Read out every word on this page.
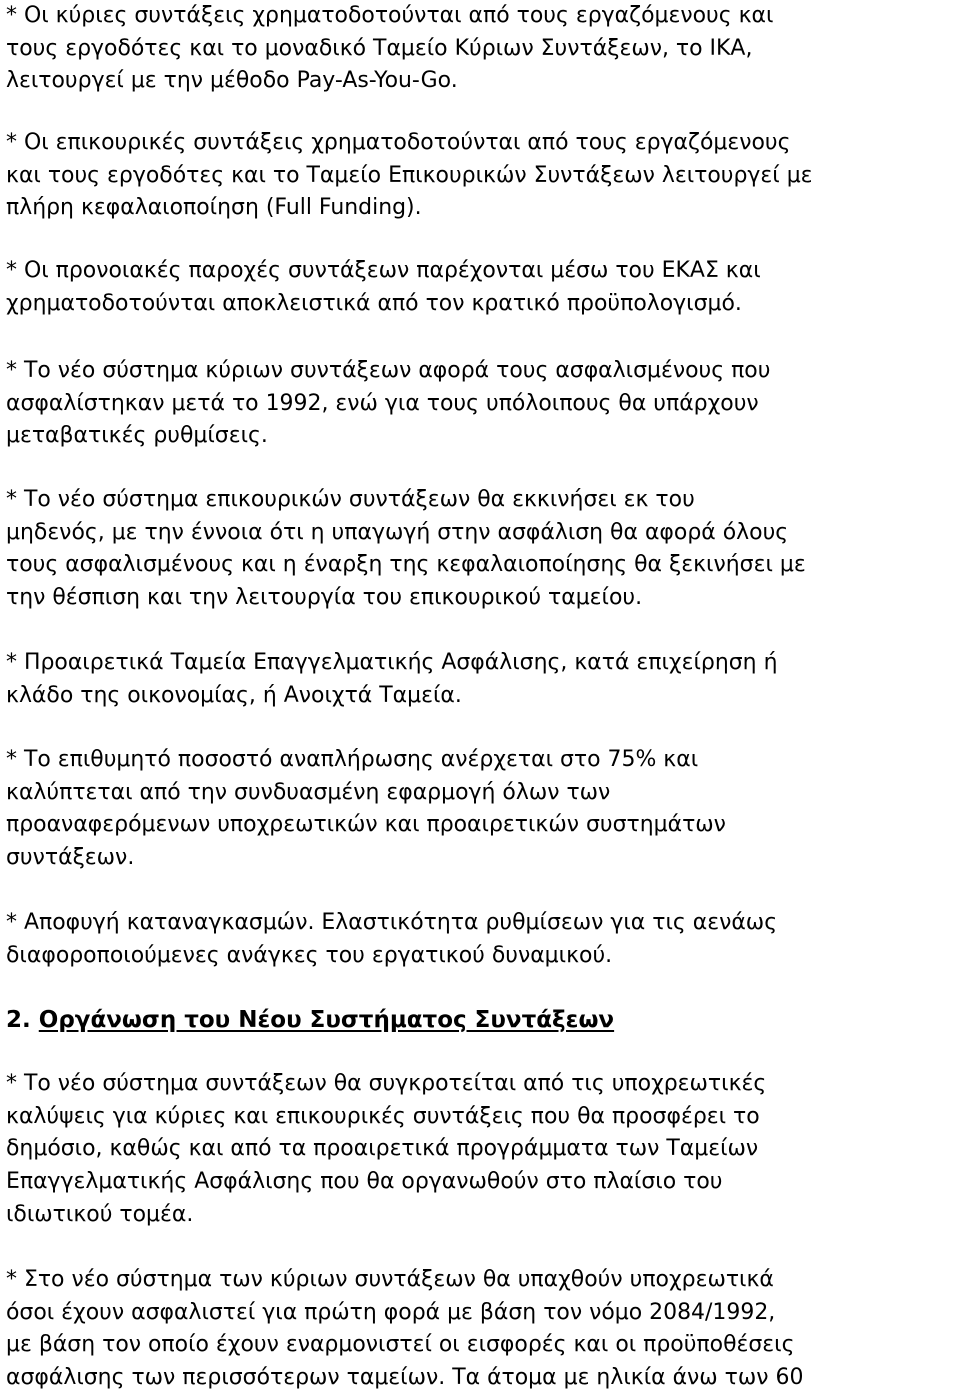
* Οι κύριες συντάξεις χρηματοδοτούνται από τους εργαζόμενους και
τους εργοδότες και το μοναδικό Ταμείο Κύριων Συντάξεων, το ΙΚΑ,
λειτουργεί με την μέθοδο Pay-As-You-Go.
* Οι επικουρικές συντάξεις χρηματοδοτούνται από τους εργαζόμενους
και τους εργοδότες και το Ταμείο Επικουρικών Συντάξεων λειτουργεί με
πλήρη κεφαλαιοποίηση (Full Funding).
* Οι προνοιακές παροχές συντάξεων παρέχονται μέσω του ΕΚΑΣ και
χρηματοδοτούνται αποκλειστικά από τον κρατικό προϋπολογισμό.
* Το νέο σύστημα κύριων συντάξεων αφορά τους ασφαλισμένους που
ασφαλίστηκαν μετά το 1992, ενώ για τους υπόλοιπους θα υπάρχουν
μεταβατικές ρυθμίσεις.
* Το νέο σύστημα επικουρικών συντάξεων θα εκκινήσει εκ του
μηδενός, με την έννοια ότι η υπαγωγή στην ασφάλιση θα αφορά όλους
τους ασφαλισμένους και η έναρξη της κεφαλαιοποίησης θα ξεκινήσει με
την θέσπιση και την λειτουργία του επικουρικού ταμείου.
* Προαιρετικά Ταμεία Επαγγελματικής Ασφάλισης, κατά επιχείρηση ή
κλάδο της οικονομίας, ή Ανοιχτά Ταμεία.
* Το επιθυμητό ποσοστό αναπλήρωσης ανέρχεται στο 75% και
καλύπτεται από την συνδυασμένη εφαρμογή όλων των
προαναφερόμενων υποχρεωτικών και προαιρετικών συστημάτων
συντάξεων.
* Αποφυγή καταναγκασμών. Ελαστικότητα ρυθμίσεων για τις αενάως
διαφοροποιούμενες ανάγκες του εργατικού δυναμικού.
2. Οργάνωση του Νέου Συστήματος Συντάξεων
* Το νέο σύστημα συντάξεων θα συγκροτείται από τις υποχρεωτικές
καλύψεις για κύριες και επικουρικές συντάξεις που θα προσφέρει το
δημόσιο, καθώς και από τα προαιρετικά προγράμματα των Ταμείων
Επαγγελματικής Ασφάλισης που θα οργανωθούν στο πλαίσιο του
ιδιωτικού τομέα.
* Στο νέο σύστημα των κύριων συντάξεων θα υπαχθούν υποχρεωτικά
όσοι έχουν ασφαλιστεί για πρώτη φορά με βάση τον νόμο 2084/1992,
με βάση τον οποίο έχουν εναρμονιστεί οι εισφορές και οι προϋποθέσεις
ασφάλισης των περισσότερων ταμείων. Τα άτομα με ηλικία άνω των 60
